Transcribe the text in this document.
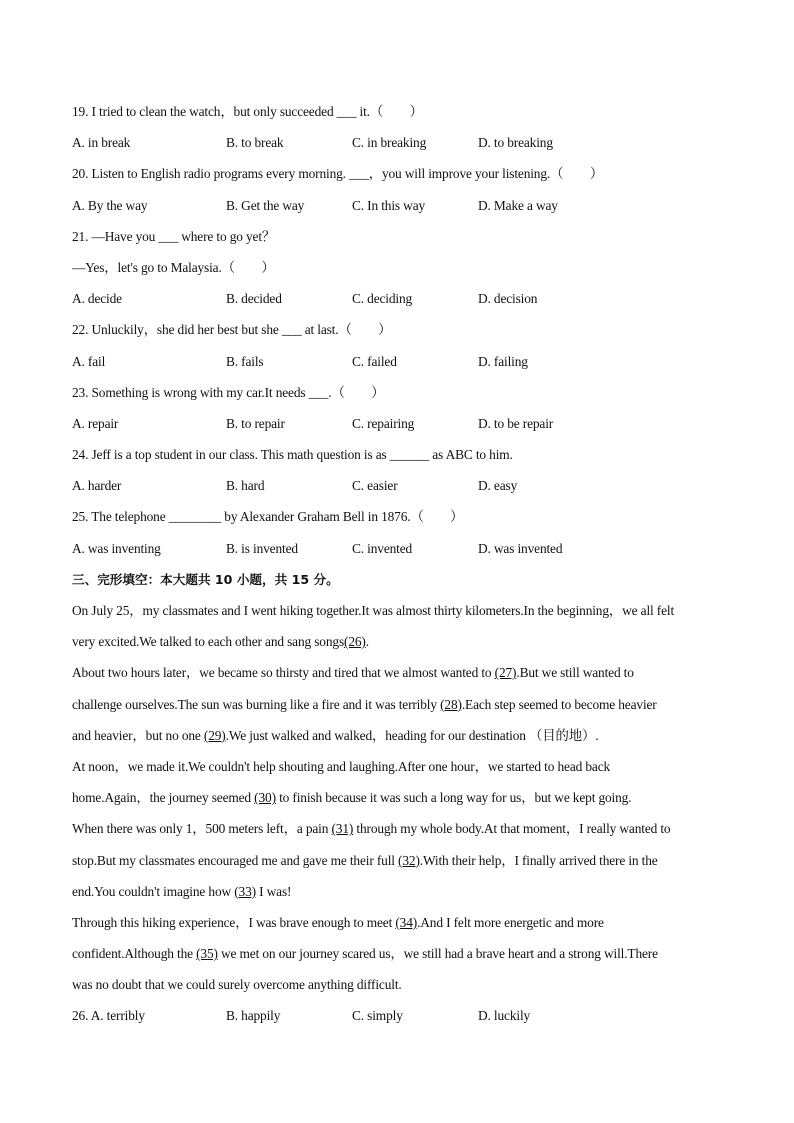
19. I tried to clean the watch，but only succeeded ___ it.（　　）
A. in break	B. to break	C. in breaking	D. to breaking
20. Listen to English radio programs every morning. ___，you will improve your listening.（　　）
A. By the way	B. Get the way	C. In this way	D. Make a way
21. —Have you ___ where to go yet？
—Yes，let's go to Malaysia.（　　）
A. decide	B. decided	C. deciding	D. decision
22. Unluckily，she did her best but she ___ at last.（　　）
A. fail	B. fails	C. failed	D. failing
23. Something is wrong with my car.It needs ___.（　　）
A. repair	B. to repair	C. repairing	D. to be repair
24. Jeff is a top student in our class. This math question is as ______ as ABC to him.
A. harder	B. hard	C. easier	D. easy
25. The telephone ________ by Alexander Graham Bell in 1876.（　　）
A. was inventing	B. is invented	C. invented	D. was invented
三、完形填空：本大题共 10 小题，共 15 分。
On July 25，my classmates and I went hiking together.It was almost thirty kilometers.In the beginning，we all felt
very excited.We talked to each other and sang songs(26).
About two hours later，we became so thirsty and tired that we almost wanted to (27).But we still wanted to
challenge ourselves.The sun was burning like a fire and it was terribly (28).Each step seemed to become heavier
and heavier，but no one (29).We just walked and walked，heading for our destination （目的地）.
At noon，we made it.We couldn't help shouting and laughing.After one hour，we started to head back
home.Again，the journey seemed (30) to finish because it was such a long way for us，but we kept going.
When there was only 1，500 meters left，a pain (31) through my whole body.At that moment，I really wanted to
stop.But my classmates encouraged me and gave me their full (32).With their help，I finally arrived there in the
end.You couldn't imagine how (33) I was!
Through this hiking experience，I was brave enough to meet (34).And I felt more energetic and more
confident.Although the (35) we met on our journey scared us，we still had a brave heart and a strong will.There
was no doubt that we could surely overcome anything difficult.
26. A. terribly	B. happily	C. simply	D. luckily
